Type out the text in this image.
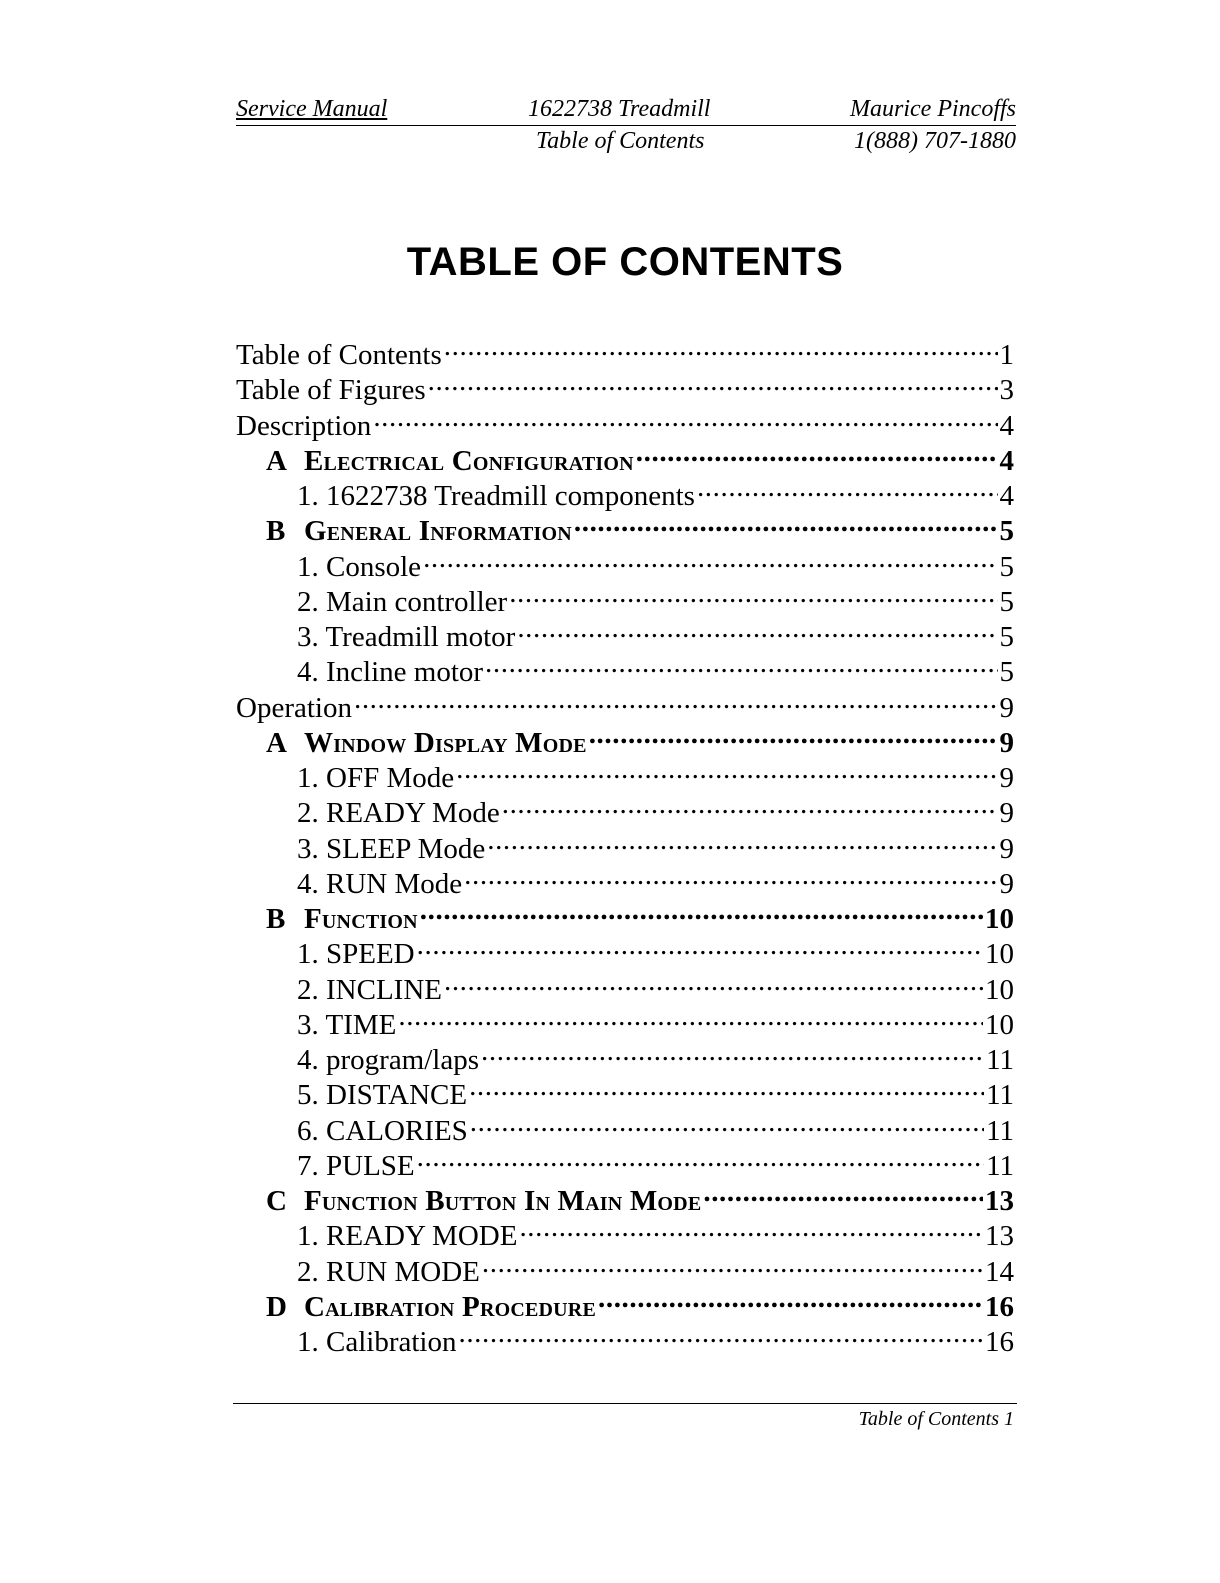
Service Manual	1622738 Treadmill	Maurice Pincoffs
Table of Contents	1(888) 707-1880
TABLE OF CONTENTS
Table of Contents .....	1
Table of Figures .....	3
Description .....	4
A Electrical Configuration .....	4
1. 1622738 Treadmill components .....	4
B General Information .....	5
1. Console .....	5
2. Main controller .....	5
3. Treadmill motor .....	5
4. Incline motor .....	5
Operation .....	9
A Window Display Mode .....	9
1. OFF Mode .....	9
2. READY Mode .....	9
3. SLEEP Mode .....	9
4. RUN Mode .....	9
B Function .....	10
1. SPEED .....	10
2. INCLINE .....	10
3. TIME .....	10
4. program/laps .....	11
5. DISTANCE .....	11
6. CALORIES .....	11
7. PULSE .....	11
C Function Button In Main Mode .....	13
1. READY MODE .....	13
2. RUN MODE .....	14
D Calibration Procedure .....	16
1. Calibration .....	16
Table of Contents 1
